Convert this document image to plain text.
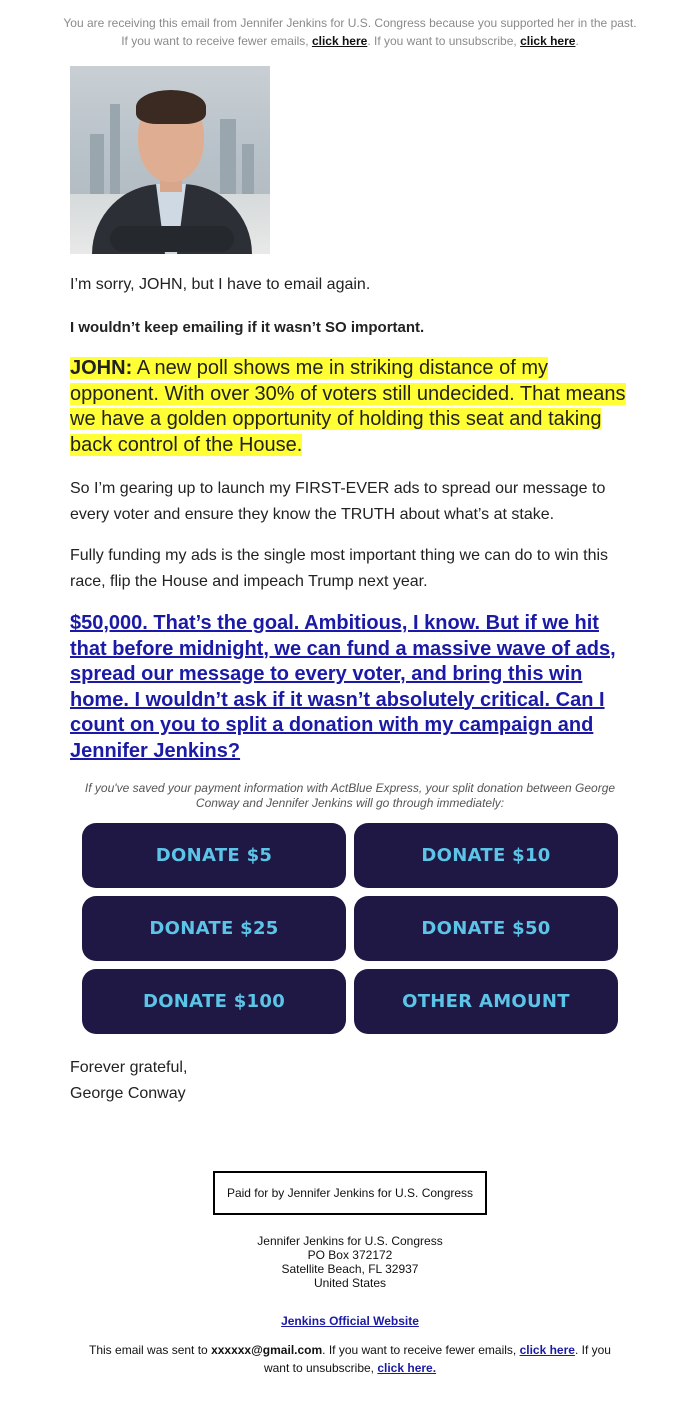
You are receiving this email from Jennifer Jenkins for U.S. Congress because you supported her in the past.
If you want to receive fewer emails, click here. If you want to unsubscribe, click here.
I’m sorry, JOHN, but I have to email again.
I wouldn’t keep emailing if it wasn’t SO important.
JOHN: A new poll shows me in striking distance of my opponent. With over 30% of voters still undecided. That means we have a golden opportunity of holding this seat and taking back control of the House.
So I’m gearing up to launch my FIRST-EVER ads to spread our message to every voter and ensure they know the TRUTH about what’s at stake.
Fully funding my ads is the single most important thing we can do to win this race, flip the House and impeach Trump next year.
$50,000. That’s the goal. Ambitious, I know. But if we hit that before midnight, we can fund a massive wave of ads, spread our message to every voter, and bring this win home. I wouldn’t ask if it wasn’t absolutely critical. Can I count on you to split a donation with my campaign and Jennifer Jenkins?
If you've saved your payment information with ActBlue Express, your split donation between George Conway and Jennifer Jenkins will go through immediately:
DONATE $5	DONATE $10
DONATE $25	DONATE $50
DONATE $100	OTHER AMOUNT
Forever grateful,
George Conway
Paid for by Jennifer Jenkins for U.S. Congress
Jennifer Jenkins for U.S. Congress
PO Box 372172
Satellite Beach, FL 32937
United States
Jenkins Official Website
This email was sent to xxxxxx@gmail.com. If you want to receive fewer emails, click here. If you want to unsubscribe, click here.
